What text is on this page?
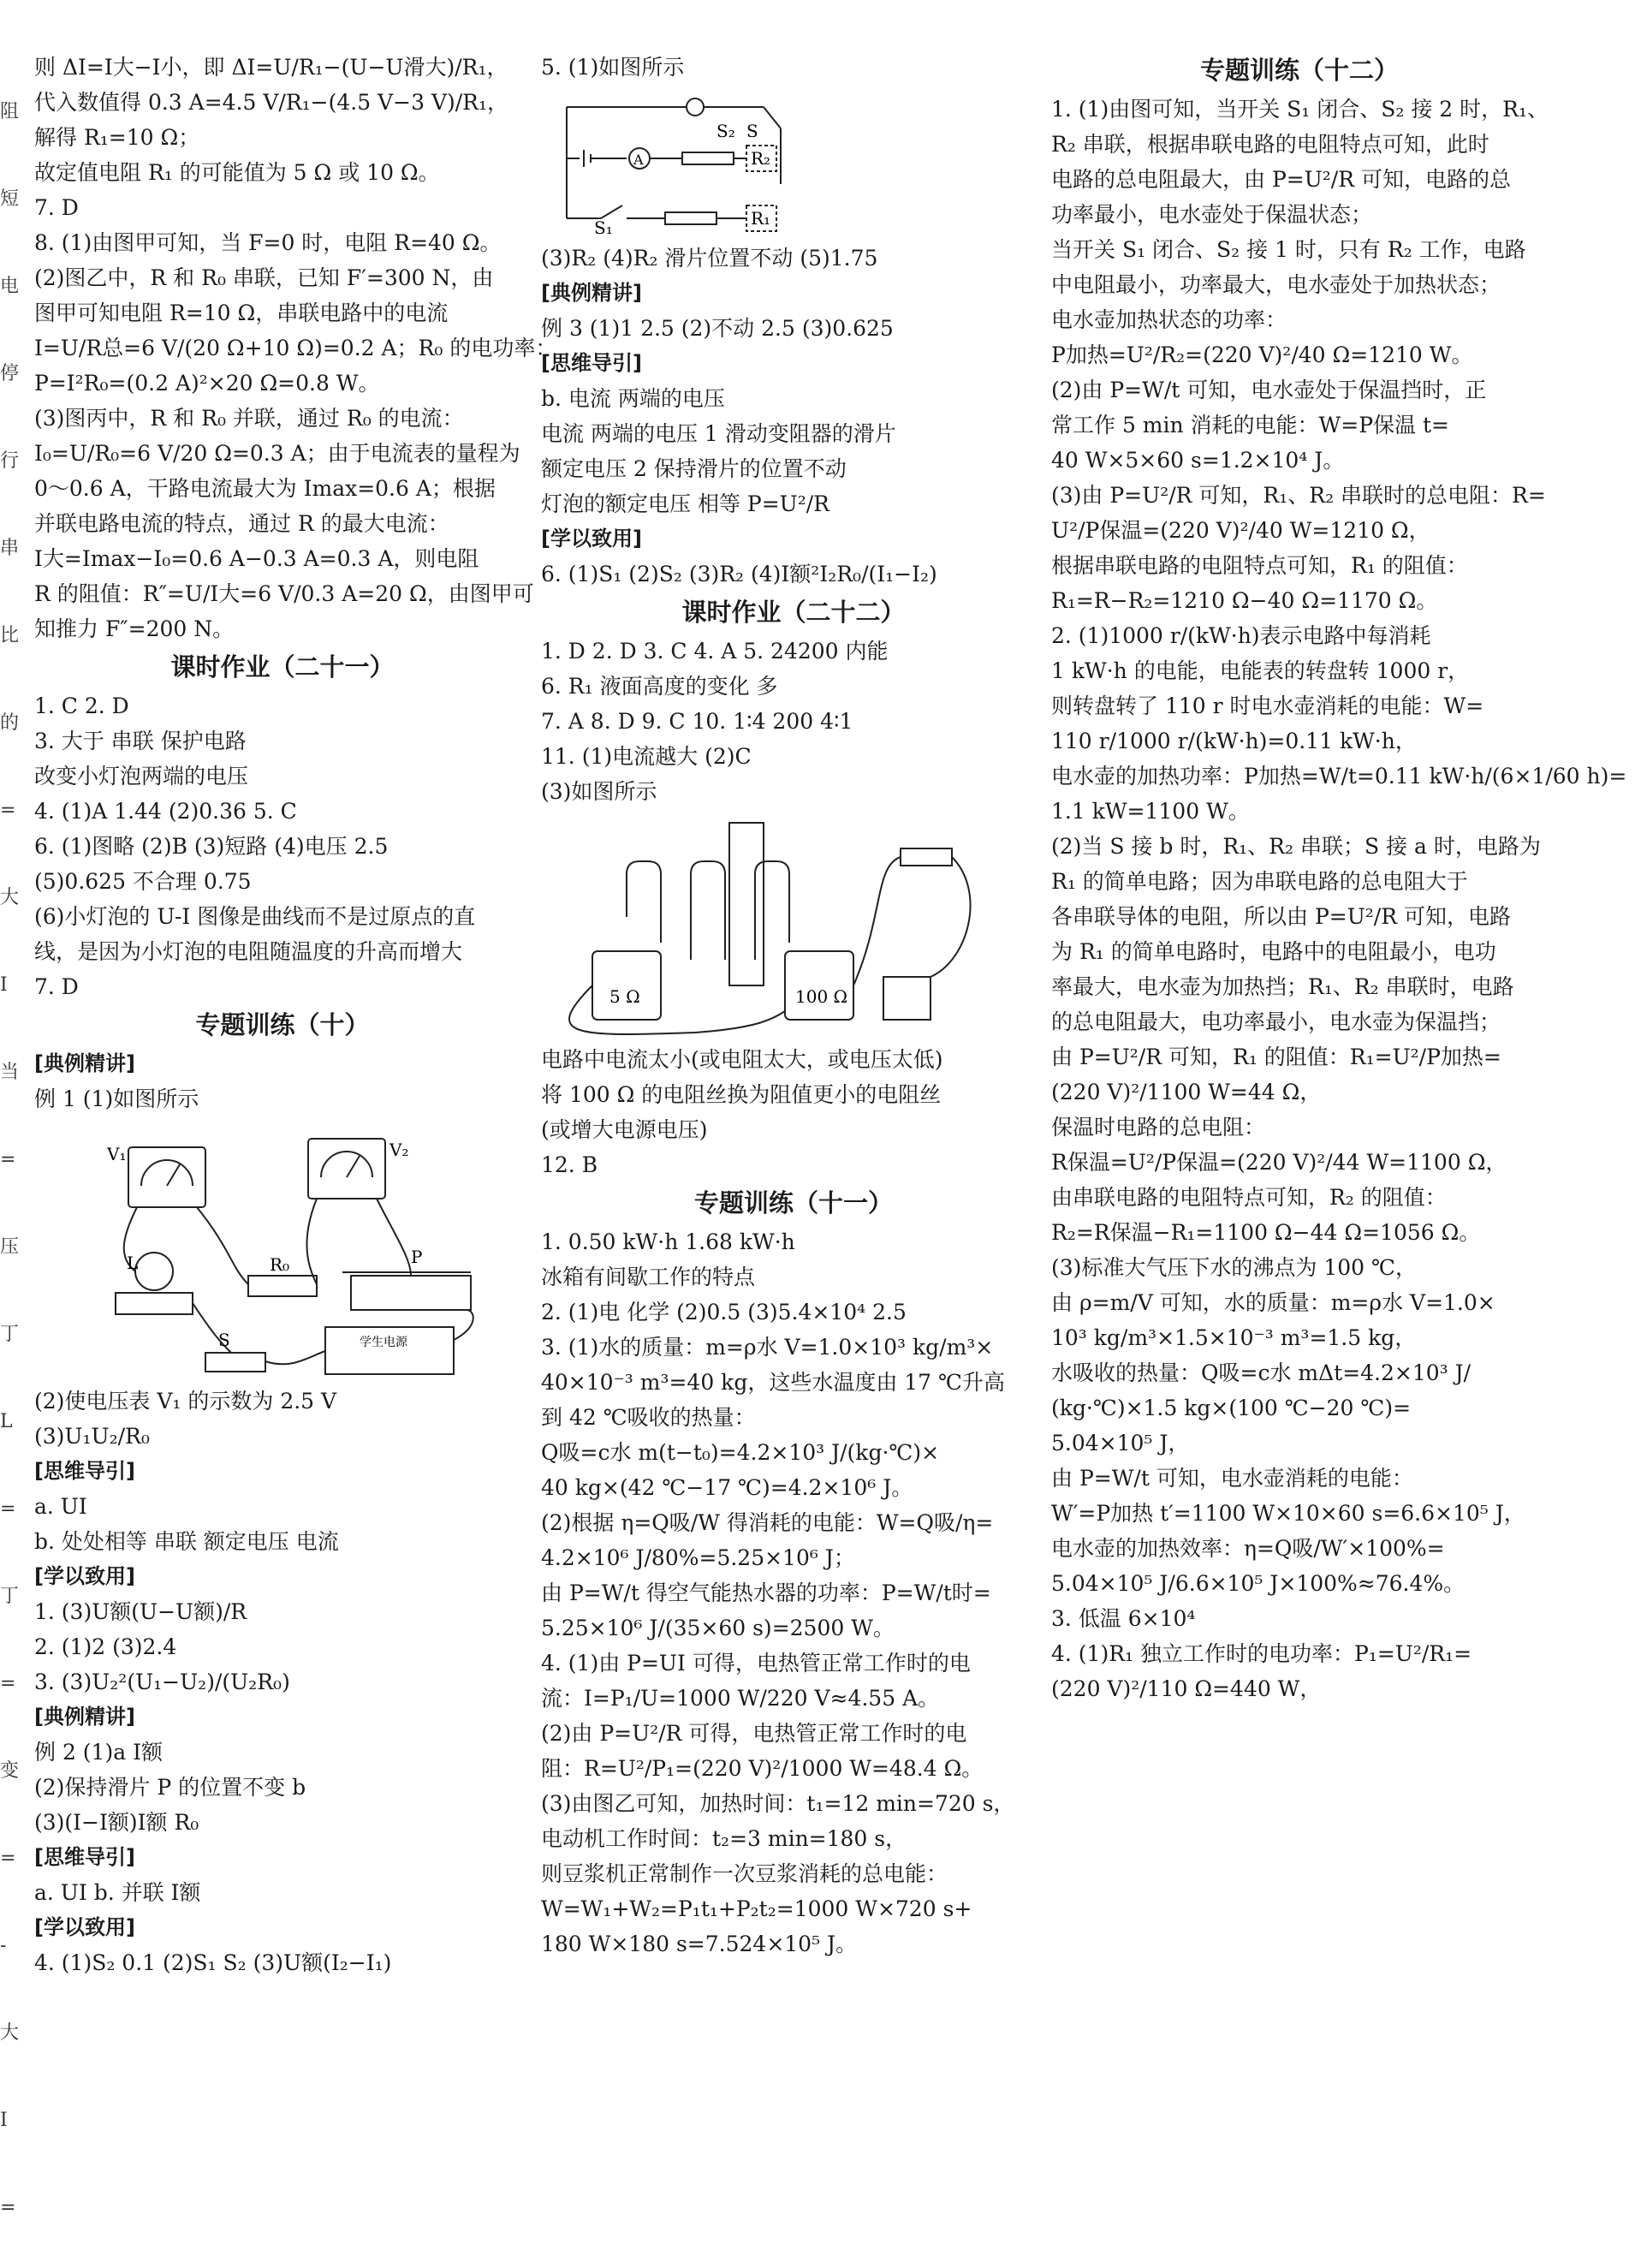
阻
短
电
停
行
串
比
的
=
大
Ⅰ
当
=
压
丁
L
=
丁
=
变
=
-
大
Ⅰ
=
则 ΔI=I大−I小，即 ΔI=U/R₁−(U−U滑大)/R₁，
代入数值得 0.3 A=4.5 V/R₁−(4.5 V−3 V)/R₁，
解得 R₁=10 Ω；
故定值电阻 R₁ 的可能值为 5 Ω 或 10 Ω。
7. D
8. (1)由图甲可知，当 F=0 时，电阻 R=40 Ω。
(2)图乙中，R 和 R₀ 串联，已知 F′=300 N，由
图甲可知电阻 R=10 Ω，串联电路中的电流
I=U/R总=6 V/(20 Ω+10 Ω)=0.2 A；R₀ 的电功率：
P=I²R₀=(0.2 A)²×20 Ω=0.8 W。
(3)图丙中，R 和 R₀ 并联，通过 R₀ 的电流：
I₀=U/R₀=6 V/20 Ω=0.3 A；由于电流表的量程为
0～0.6 A，干路电流最大为 Imax=0.6 A；根据
并联电路电流的特点，通过 R 的最大电流：
I大=Imax−I₀=0.6 A−0.3 A=0.3 A，则电阻
R 的阻值：R″=U/I大=6 V/0.3 A=20 Ω，由图甲可
知推力 F″=200 N。
课时作业（二十一）
1. C 2. D
3. 大于 串联 保护电路
改变小灯泡两端的电压
4. (1)A 1.44 (2)0.36 5. C
6. (1)图略 (2)B (3)短路 (4)电压 2.5
(5)0.625 不合理 0.75
(6)小灯泡的 U-I 图像是曲线而不是过原点的直
线，是因为小灯泡的电阻随温度的升高而增大
7. D
专题训练（十）
[典例精讲]
例 1 (1)如图所示
V₁	V₂
L	R₀	P
S	学生电源
(2)使电压表 V₁ 的示数为 2.5 V
(3)U₁U₂/R₀
[思维导引]
a. UI
b. 处处相等 串联 额定电压 电流
[学以致用]
1. (3)U额(U−U额)/R
2. (1)2 (3)2.4
3. (3)U₂²(U₁−U₂)/(U₂R₀)
[典例精讲]
例 2 (1)a I额
(2)保持滑片 P 的位置不变 b
(3)(I−I额)I额 R₀
[思维导引]
a. UI b. 并联 I额
[学以致用]
4. (1)S₂ 0.1 (2)S₁ S₂ (3)U额(I₂−I₁)
5. (1)如图所示
S₂ S
A	R₂
S₁	R₁
(3)R₂ (4)R₂ 滑片位置不动 (5)1.75
[典例精讲]
例 3 (1)1 2.5 (2)不动 2.5 (3)0.625
[思维导引]
b. 电流 两端的电压
电流 两端的电压 1 滑动变阻器的滑片
额定电压 2 保持滑片的位置不动
灯泡的额定电压 相等 P=U²/R
[学以致用]
6. (1)S₁ (2)S₂ (3)R₂ (4)I额²I₂R₀/(I₁−I₂)
课时作业（二十二）
1. D 2. D 3. C 4. A 5. 24200 内能
6. R₁ 液面高度的变化 多
7. A 8. D 9. C 10. 1∶4 200 4∶1
11. (1)电流越大 (2)C
(3)如图所示
5 Ω	100 Ω
电路中电流太小(或电阻太大，或电压太低)
将 100 Ω 的电阻丝换为阻值更小的电阻丝
(或增大电源电压)
12. B
专题训练（十一）
1. 0.50 kW·h 1.68 kW·h
冰箱有间歇工作的特点
2. (1)电 化学 (2)0.5 (3)5.4×10⁴ 2.5
3. (1)水的质量：m=ρ水 V=1.0×10³ kg/m³×
40×10⁻³ m³=40 kg，这些水温度由 17 ℃升高
到 42 ℃吸收的热量：
Q吸=c水 m(t−t₀)=4.2×10³ J/(kg·℃)×
40 kg×(42 ℃−17 ℃)=4.2×10⁶ J。
(2)根据 η=Q吸/W 得消耗的电能：W=Q吸/η=
4.2×10⁶ J/80%=5.25×10⁶ J；
由 P=W/t 得空气能热水器的功率：P=W/t时=
5.25×10⁶ J/(35×60 s)=2500 W。
4. (1)由 P=UI 可得，电热管正常工作时的电
流：I=P₁/U=1000 W/220 V≈4.55 A。
(2)由 P=U²/R 可得，电热管正常工作时的电
阻：R=U²/P₁=(220 V)²/1000 W=48.4 Ω。
(3)由图乙可知，加热时间：t₁=12 min=720 s，
电动机工作时间：t₂=3 min=180 s，
则豆浆机正常制作一次豆浆消耗的总电能：
W=W₁+W₂=P₁t₁+P₂t₂=1000 W×720 s+
180 W×180 s=7.524×10⁵ J。
专题训练（十二）
1. (1)由图可知，当开关 S₁ 闭合、S₂ 接 2 时，R₁、
R₂ 串联，根据串联电路的电阻特点可知，此时
电路的总电阻最大，由 P=U²/R 可知，电路的总
功率最小，电水壶处于保温状态；
当开关 S₁ 闭合、S₂ 接 1 时，只有 R₂ 工作，电路
中电阻最小，功率最大，电水壶处于加热状态；
电水壶加热状态的功率：
P加热=U²/R₂=(220 V)²/40 Ω=1210 W。
(2)由 P=W/t 可知，电水壶处于保温挡时，正
常工作 5 min 消耗的电能：W=P保温 t=
40 W×5×60 s=1.2×10⁴ J。
(3)由 P=U²/R 可知，R₁、R₂ 串联时的总电阻：R=
U²/P保温=(220 V)²/40 W=1210 Ω，
根据串联电路的电阻特点可知，R₁ 的阻值：
R₁=R−R₂=1210 Ω−40 Ω=1170 Ω。
2. (1)1000 r/(kW·h)表示电路中每消耗
1 kW·h 的电能，电能表的转盘转 1000 r，
则转盘转了 110 r 时电水壶消耗的电能：W=
110 r/1000 r/(kW·h)=0.11 kW·h，
电水壶的加热功率：P加热=W/t=0.11 kW·h/(6×1/60 h)=
1.1 kW=1100 W。
(2)当 S 接 b 时，R₁、R₂ 串联；S 接 a 时，电路为
R₁ 的简单电路；因为串联电路的总电阻大于
各串联导体的电阻，所以由 P=U²/R 可知，电路
为 R₁ 的简单电路时，电路中的电阻最小，电功
率最大，电水壶为加热挡；R₁、R₂ 串联时，电路
的总电阻最大，电功率最小，电水壶为保温挡；
由 P=U²/R 可知，R₁ 的阻值：R₁=U²/P加热=
(220 V)²/1100 W=44 Ω，
保温时电路的总电阻：
R保温=U²/P保温=(220 V)²/44 W=1100 Ω，
由串联电路的电阻特点可知，R₂ 的阻值：
R₂=R保温−R₁=1100 Ω−44 Ω=1056 Ω。
(3)标准大气压下水的沸点为 100 ℃，
由 ρ=m/V 可知，水的质量：m=ρ水 V=1.0×
10³ kg/m³×1.5×10⁻³ m³=1.5 kg，
水吸收的热量：Q吸=c水 mΔt=4.2×10³ J/
(kg·℃)×1.5 kg×(100 ℃−20 ℃)=
5.04×10⁵ J，
由 P=W/t 可知，电水壶消耗的电能：
W′=P加热 t′=1100 W×10×60 s=6.6×10⁵ J，
电水壶的加热效率：η=Q吸/W′×100%=
5.04×10⁵ J/6.6×10⁵ J×100%≈76.4%。
3. 低温 6×10⁴
4. (1)R₁ 独立工作时的电功率：P₁=U²/R₁=
(220 V)²/110 Ω=440 W，
